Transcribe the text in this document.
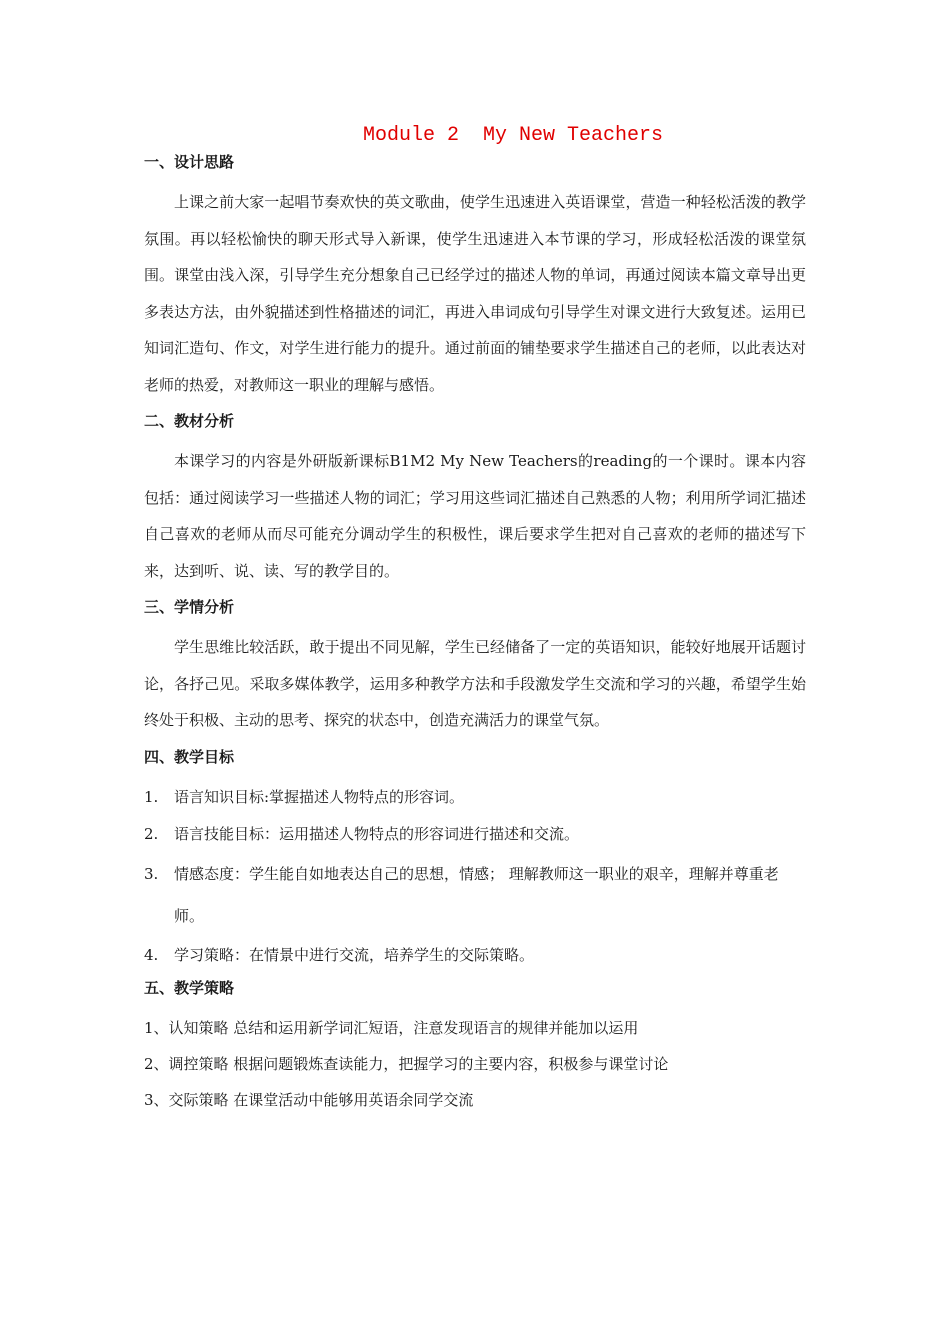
Module 2  My New Teachers
一、设计思路

上课之前大家一起唱节奏欢快的英文歌曲，使学生迅速进入英语课堂，营造一种轻松活泼的教学氛围。再以轻松愉快的聊天形式导入新课，使学生迅速进入本节课的学习，形成轻松活泼的课堂氛围。课堂由浅入深，引导学生充分想象自己已经学过的描述人物的单词，再通过阅读本篇文章导出更多表达方法，由外貌描述到性格描述的词汇，再进入串词成句引导学生对课文进行大致复述。运用已知词汇造句、作文，对学生进行能力的提升。通过前面的铺垫要求学生描述自己的老师，以此表达对老师的热爱，对教师这一职业的理解与感悟。

二、教材分析

本课学习的内容是外研版新课标B1M2 My New Teachers的reading的一个课时。课本内容包括：通过阅读学习一些描述人物的词汇；学习用这些词汇描述自己熟悉的人物；利用所学词汇描述自己喜欢的老师从而尽可能充分调动学生的积极性，课后要求学生把对自己喜欢的老师的描述写下来，达到听、说、读、写的教学目的。

三、学情分析

学生思维比较活跃，敢于提出不同见解，学生已经储备了一定的英语知识，能较好地展开话题讨论，各抒己见。采取多媒体教学，运用多种教学方法和手段激发学生交流和学习的兴趣，希望学生始终处于积极、主动的思考、探究的状态中，创造充满活力的课堂气氛。

四、教学目标

1. 语言知识目标:掌握描述人物特点的形容词。

2. 语言技能目标：运用描述人物特点的形容词进行描述和交流。

3. 情感态度：学生能自如地表达自己的思想，情感； 理解教师这一职业的艰辛，理解并尊重老师。

4. 学习策略：在情景中进行交流，培养学生的交际策略。

五、教学策略

1、认知策略 总结和运用新学词汇短语，注意发现语言的规律并能加以运用

2、调控策略 根据问题锻炼查读能力，把握学习的主要内容，积极参与课堂讨论

3、交际策略 在课堂活动中能够用英语余同学交流
